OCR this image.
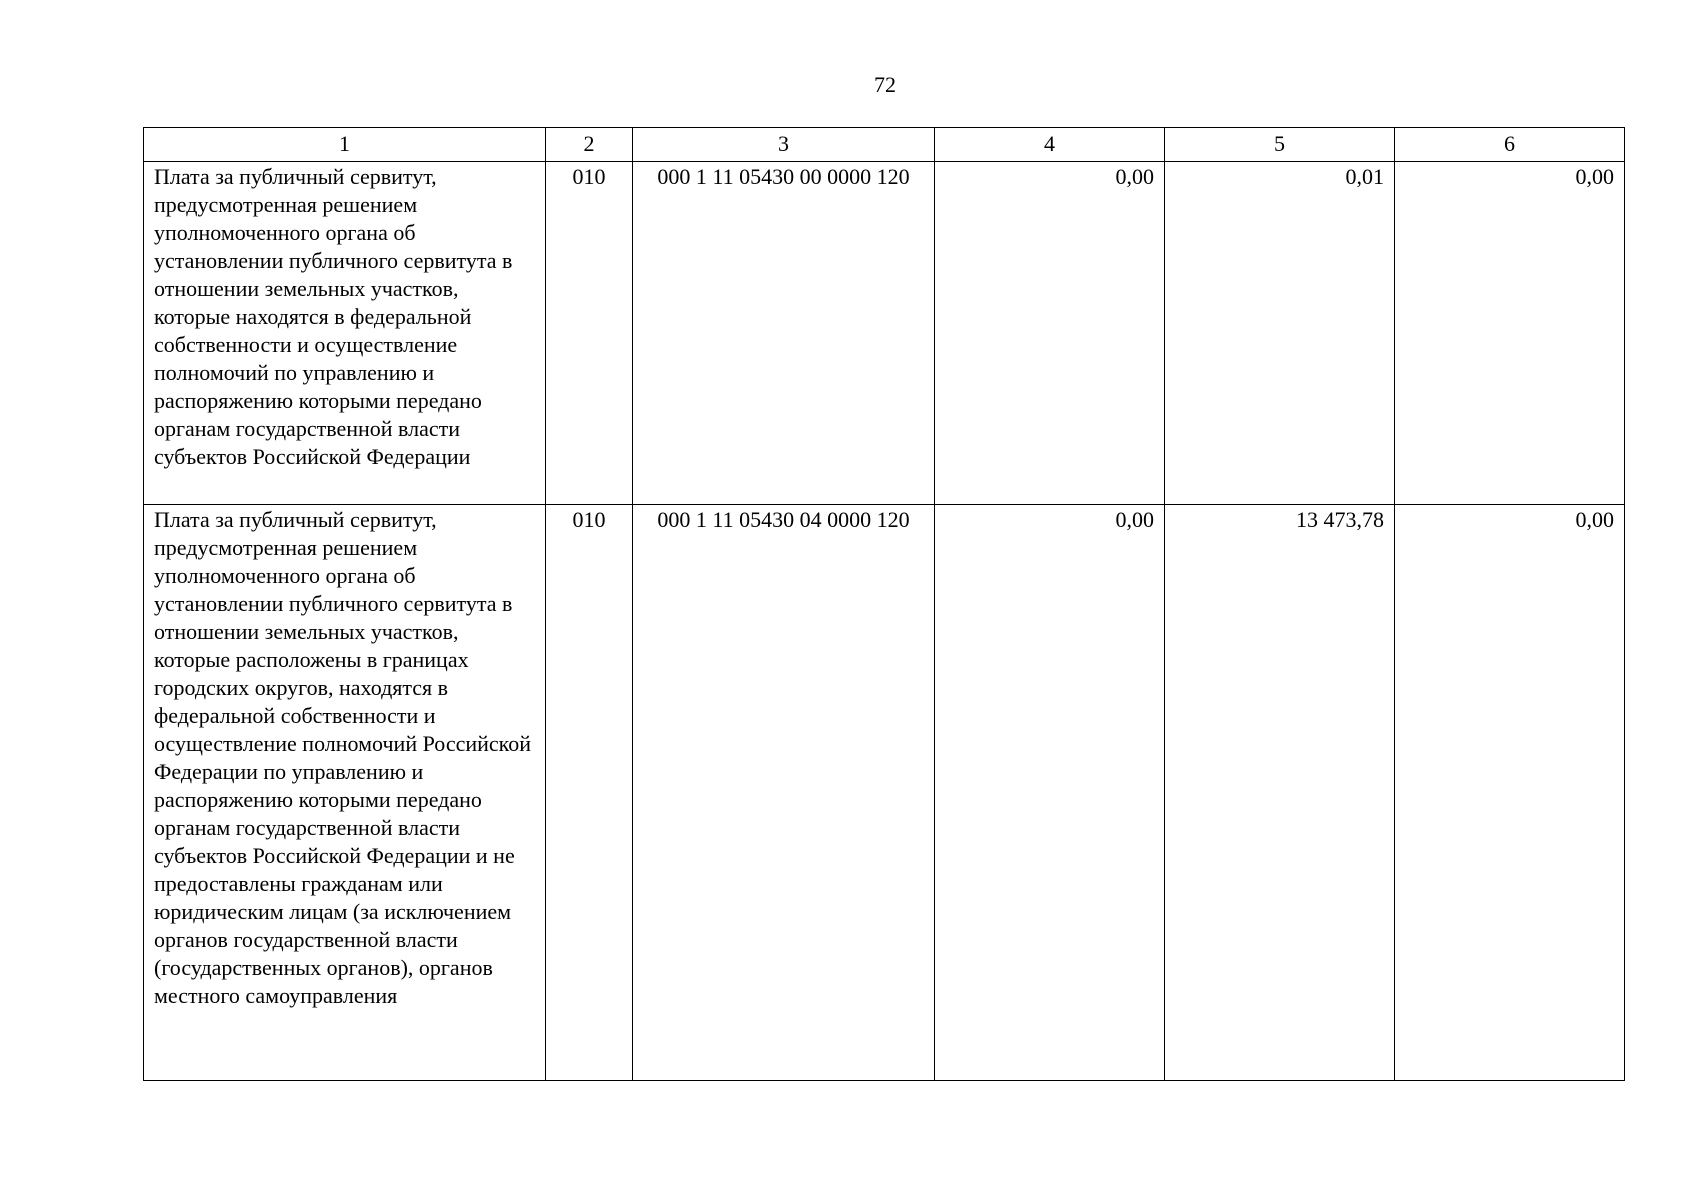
72
1	2	3	4	5	6
Плата за публичный сервитут, предусмотренная решением уполномоченного органа об установлении публичного сервитута в отношении земельных участков, которые находятся в федеральной собственности и осуществление полномочий по управлению и распоряжению которыми передано органам государственной власти субъектов Российской Федерации	010	000 1 11 05430 00 0000 120	0,00	0,01	0,00
Плата за публичный сервитут, предусмотренная решением уполномоченного органа об установлении публичного сервитута в отношении земельных участков, которые расположены в границах городских округов, находятся в федеральной собственности и осуществление полномочий Российской Федерации по управлению и распоряжению которыми передано органам государственной власти субъектов Российской Федерации и не предоставлены гражданам или юридическим лицам (за исключением органов государственной власти (государственных органов), органов местного самоуправления	010	000 1 11 05430 04 0000 120	0,00	13 473,78	0,00
